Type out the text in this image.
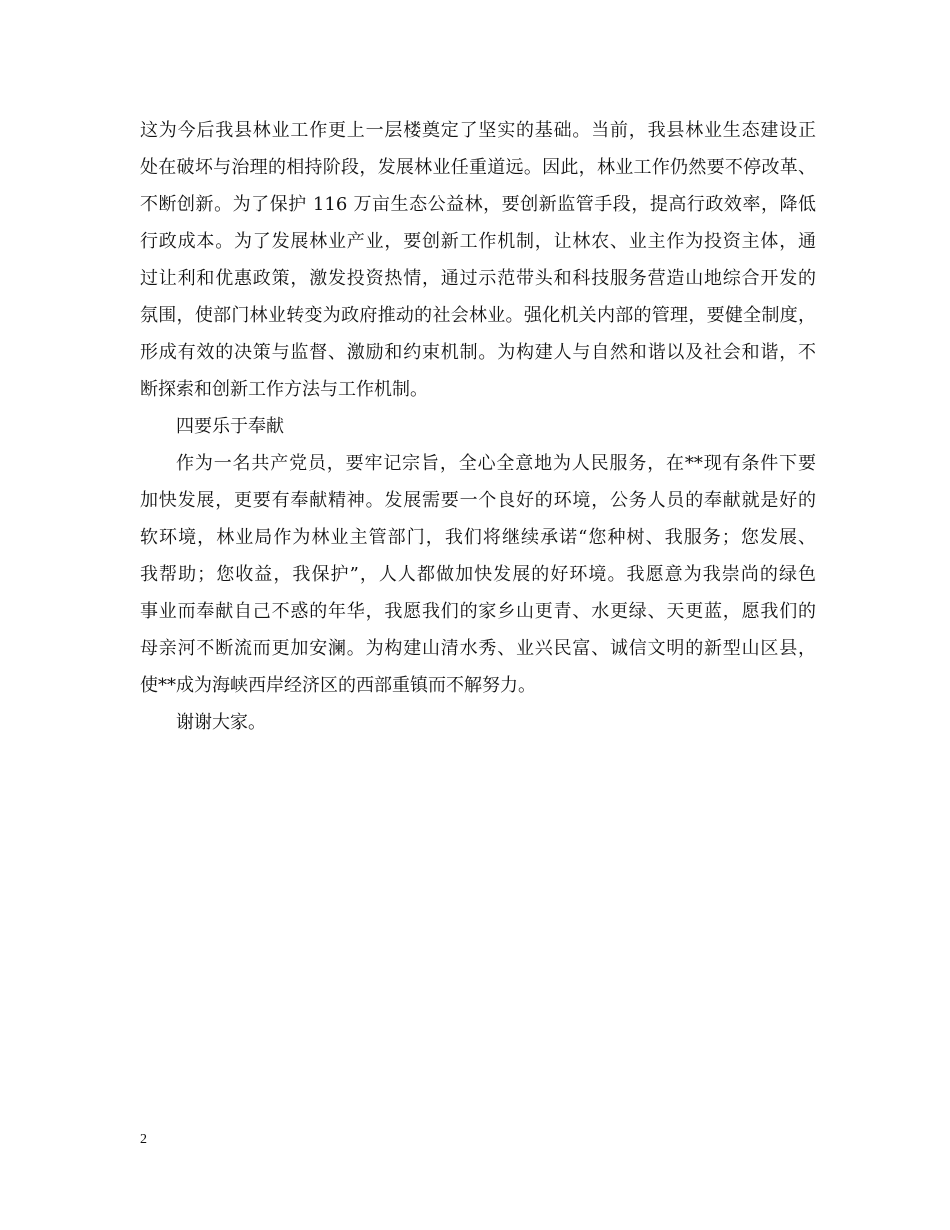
这为今后我县林业工作更上一层楼奠定了坚实的基础。当前，我县林业生态建设正
处在破坏与治理的相持阶段，发展林业任重道远。因此，林业工作仍然要不停改革、
不断创新。为了保护 116 万亩生态公益林，要创新监管手段，提高行政效率，降低
行政成本。为了发展林业产业，要创新工作机制，让林农、业主作为投资主体，通
过让利和优惠政策，激发投资热情，通过示范带头和科技服务营造山地综合开发的
氛围，使部门林业转变为政府推动的社会林业。强化机关内部的管理，要健全制度，
形成有效的决策与监督、激励和约束机制。为构建人与自然和谐以及社会和谐，不
断探索和创新工作方法与工作机制。
四要乐于奉献
作为一名共产党员，要牢记宗旨，全心全意地为人民服务，在**现有条件下要
加快发展，更要有奉献精神。发展需要一个良好的环境，公务人员的奉献就是好的
软环境，林业局作为林业主管部门，我们将继续承诺“您种树、我服务；您发展、
我帮助；您收益，我保护”，人人都做加快发展的好环境。我愿意为我崇尚的绿色
事业而奉献自己不惑的年华，我愿我们的家乡山更青、水更绿、天更蓝，愿我们的
母亲河不断流而更加安澜。为构建山清水秀、业兴民富、诚信文明的新型山区县，
使**成为海峡西岸经济区的西部重镇而不解努力。
谢谢大家。
2
